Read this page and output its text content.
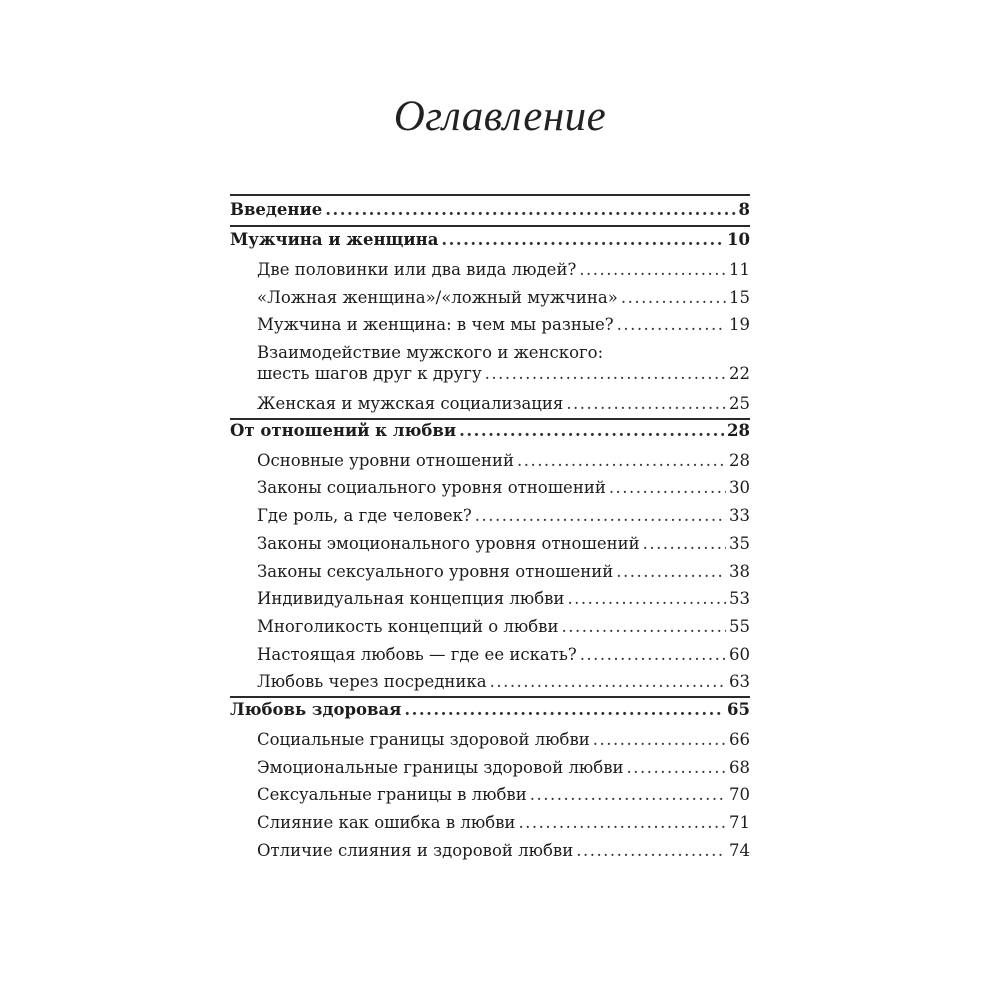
Оглавление
Введение .....	8
Мужчина и женщина .....	10
Две половинки или два вида людей? .....	11
«Ложная женщина»/«ложный мужчина» .....	15
Мужчина и женщина: в чем мы разные? .....	19
Взаимодействие мужского и женского:
шесть шагов друг к другу .....	22
Женская и мужская социализация .....	25
От отношений к любви .....	28
Основные уровни отношений .....	28
Законы социального уровня отношений .....	30
Где роль, а где человек? .....	33
Законы эмоционального уровня отношений .....	35
Законы сексуального уровня отношений .....	38
Индивидуальная концепция любви .....	53
Многоликость концепций о любви .....	55
Настоящая любовь — где ее искать? .....	60
Любовь через посредника .....	63
Любовь здоровая .....	65
Социальные границы здоровой любви .....	66
Эмоциональные границы здоровой любви .....	68
Сексуальные границы в любви .....	70
Слияние как ошибка в любви .....	71
Отличие слияния и здоровой любви .....	74
